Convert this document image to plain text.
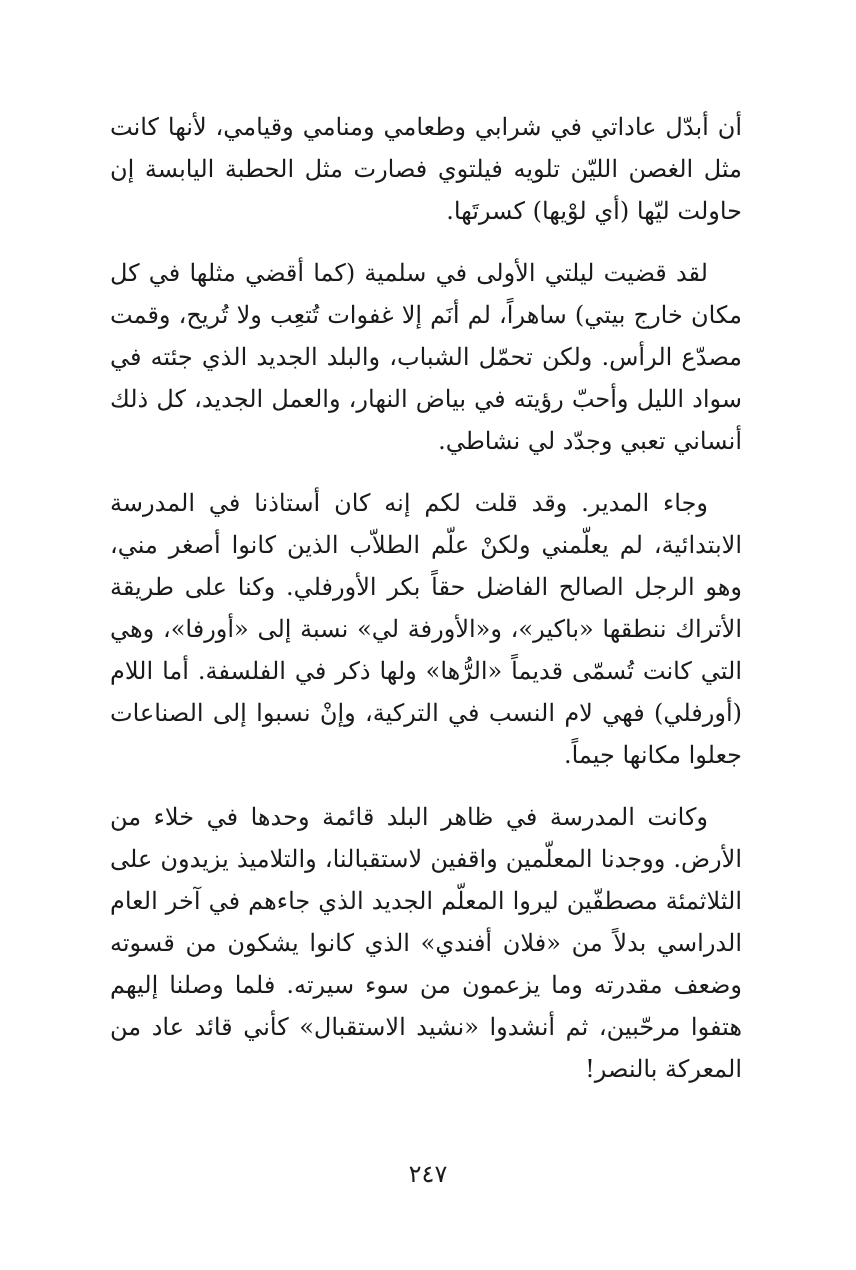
أن أبدّل عاداتي في شرابي وطعامي ومنامي وقيامي، لأنها كانت مثل الغصن الليّن تلويه فيلتوي فصارت مثل الحطبة اليابسة إن حاولت ليّها (أي لوْيها) كسرتَها.

لقد قضيت ليلتي الأولى في سلمية (كما أقضي مثلها في كل مكان خارج بيتي) ساهراً، لم أنَم إلا غفوات تُتعِب ولا تُريح، وقمت مصدّع الرأس. ولكن تحمّل الشباب، والبلد الجديد الذي جئته في سواد الليل وأحبّ رؤيته في بياض النهار، والعمل الجديد، كل ذلك أنساني تعبي وجدّد لي نشاطي.

وجاء المدير. وقد قلت لكم إنه كان أستاذنا في المدرسة الابتدائية، لم يعلّمني ولكنْ علّم الطلاّب الذين كانوا أصغر مني، وهو الرجل الصالح الفاضل حقاً بكر الأورفلي. وكنا على طريقة الأتراك ننطقها «باكير»، و«الأورفة لي» نسبة إلى «أورفا»، وهي التي كانت تُسمّى قديماً «الرُّها» ولها ذكر في الفلسفة. أما اللام (أورفلي) فهي لام النسب في التركية، وإنْ نسبوا إلى الصناعات جعلوا مكانها جيماً.

وكانت المدرسة في ظاهر البلد قائمة وحدها في خلاء من الأرض. ووجدنا المعلّمين واقفين لاستقبالنا، والتلاميذ يزيدون على الثلاثمئة مصطفّين ليروا المعلّم الجديد الذي جاءهم في آخر العام الدراسي بدلاً من «فلان أفندي» الذي كانوا يشكون من قسوته وضعف مقدرته وما يزعمون من سوء سيرته. فلما وصلنا إليهم هتفوا مرحّبين، ثم أنشدوا «نشيد الاستقبال» كأني قائد عاد من المعركة بالنصر!

٢٤٧
